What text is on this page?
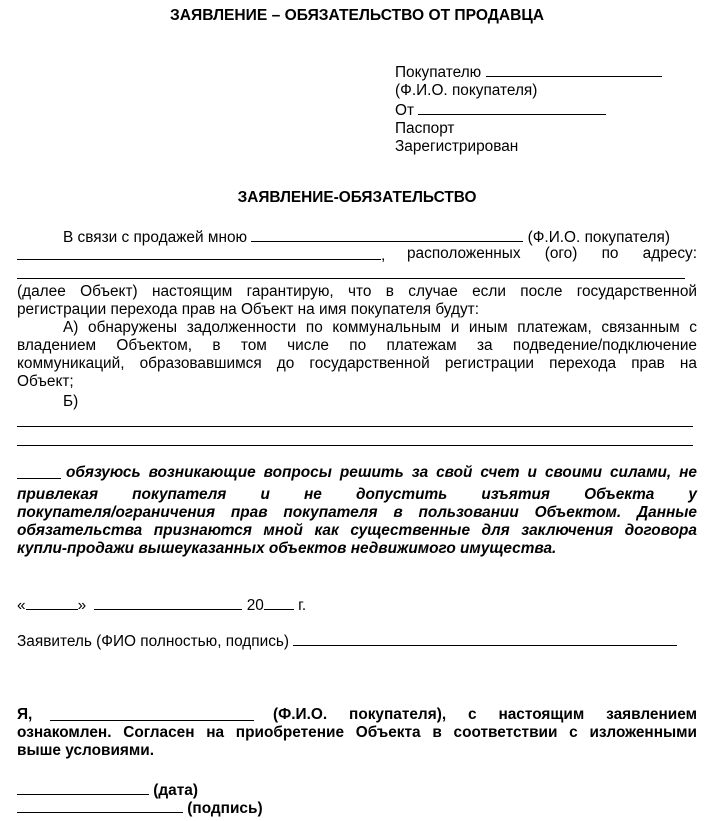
ЗАЯВЛЕНИЕ – ОБЯЗАТЕЛЬСТВО ОТ ПРОДАВЦА
Покупателю
(Ф.И.О. покупателя)
От
Паспорт
Зарегистрирован
ЗАЯВЛЕНИЕ-ОБЯЗАТЕЛЬСТВО
В связи с продажей мною	(Ф.И.О. покупателя)
, расположенных (ого) по адресу:
(далее Объект) настоящим гарантирую, что в случае если после государственной
регистрации перехода прав на Объект на имя покупателя будут:
А) обнаружены задолженности по коммунальным и иным платежам, связанным с
владением Объектом, в том числе по платежам за подведение/подключение
коммуникаций, образовавшимся до государственной регистрации перехода прав на
Объект;
Б)
обязуюсь возникающие вопросы решить за свой счет и своими силами, не
привлекая покупателя и не допустить изъятия Объекта у
покупателя/ограничения прав покупателя в пользовании Объектом. Данные
обязательства признаются мной как существенные для заключения договора
купли-продажи вышеуказанных объектов недвижимого имущества.
«	»	20 г.
Заявитель (ФИО полностью, подпись)
Я,	(Ф.И.О. покупателя), с настоящим заявлением
ознакомлен. Согласен на приобретение Объекта в соответствии с изложенными
выше условиями.
(дата)
(подпись)
